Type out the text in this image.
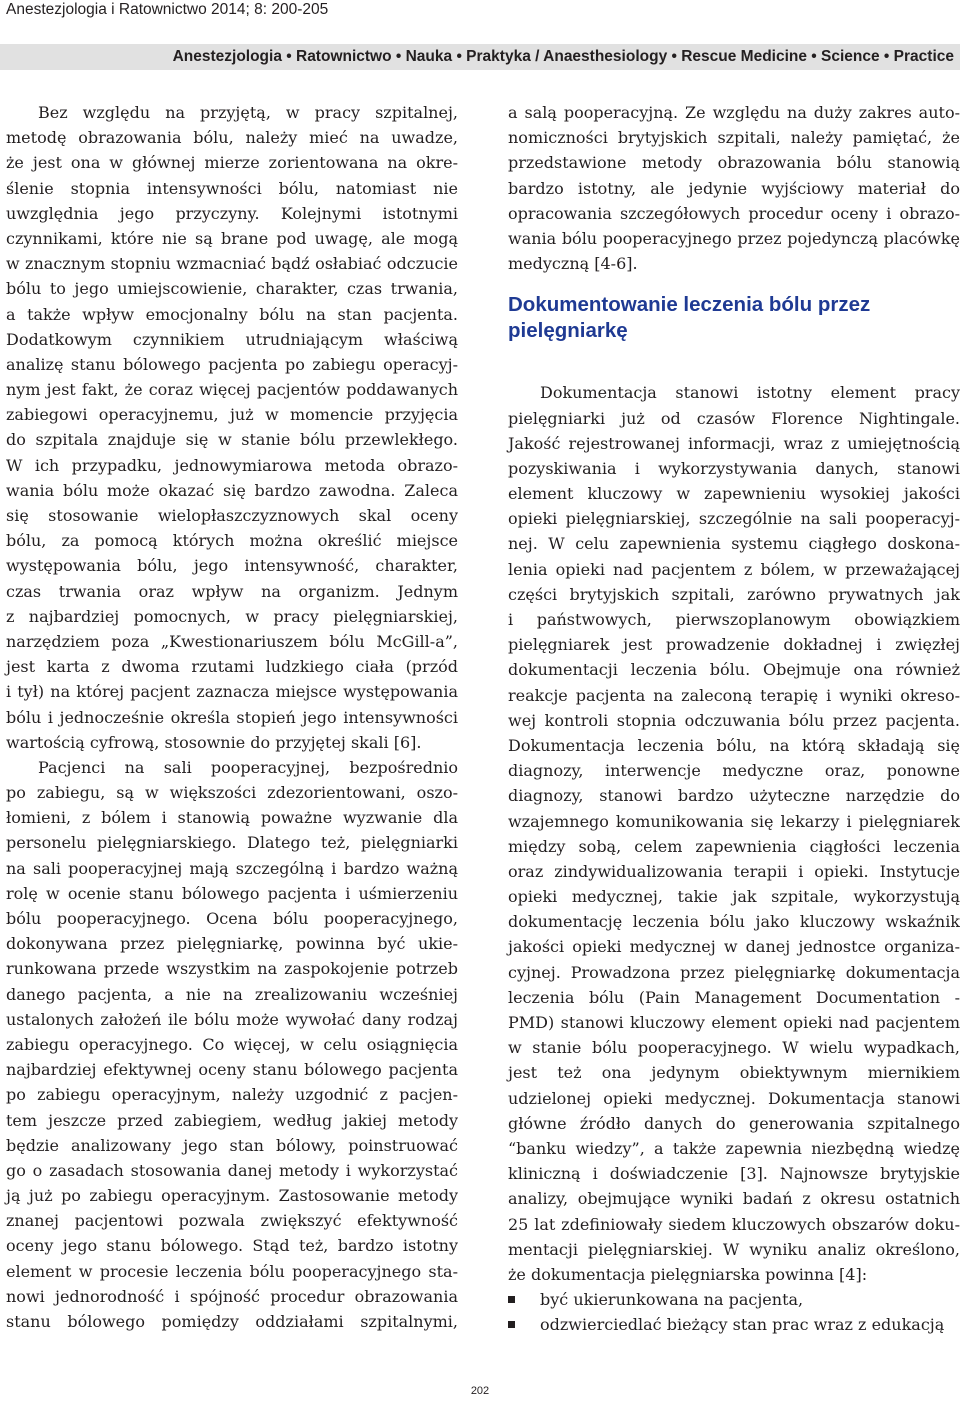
Anestezjologia i Ratownictwo 2014; 8: 200-205
Anestezjologia • Ratownictwo • Nauka • Praktyka / Anaesthesiology • Rescue Medicine • Science • Practice
Bez względu na przyjętą, w pracy szpitalnej,
metodę obrazowania bólu, należy mieć na uwadze,
że jest ona w głównej mierze zorientowana na okre-
ślenie stopnia intensywności bólu, natomiast nie
uwzględnia jego przyczyny. Kolejnymi istotnymi
czynnikami, które nie są brane pod uwagę, ale mogą
w znacznym stopniu wzmacniać bądź osłabiać odczucie
bólu to jego umiejscowienie, charakter, czas trwania,
a także wpływ emocjonalny bólu na stan pacjenta.
Dodatkowym czynnikiem utrudniającym właściwą
analizę stanu bólowego pacjenta po zabiegu operacyj-
nym jest fakt, że coraz więcej pacjentów poddawanych
zabiegowi operacyjnemu, już w momencie przyjęcia
do szpitala znajduje się w stanie bólu przewlekłego.
W ich przypadku, jednowymiarowa metoda obrazo-
wania bólu może okazać się bardzo zawodna. Zaleca
się stosowanie wielopłaszczyznowych skal oceny
bólu, za pomocą których można określić miejsce
występowania bólu, jego intensywność, charakter,
czas trwania oraz wpływ na organizm. Jednym
z najbardziej pomocnych, w pracy pielęgniarskiej,
narzędziem poza „Kwestionariuszem bólu McGill-a”,
jest karta z dwoma rzutami ludzkiego ciała (przód
i tył) na której pacjent zaznacza miejsce występowania
bólu i jednocześnie określa stopień jego intensywności
wartością cyfrową, stosownie do przyjętej skali [6].
Pacjenci na sali pooperacyjnej, bezpośrednio
po zabiegu, są w większości zdezorientowani, oszo-
łomieni, z bólem i stanowią poważne wyzwanie dla
personelu pielęgniarskiego. Dlatego też, pielęgniarki
na sali pooperacyjnej mają szczególną i bardzo ważną
rolę w ocenie stanu bólowego pacjenta i uśmierzeniu
bólu pooperacyjnego. Ocena bólu pooperacyjnego,
dokonywana przez pielęgniarkę, powinna być ukie-
runkowana przede wszystkim na zaspokojenie potrzeb
danego pacjenta, a nie na zrealizowaniu wcześniej
ustalonych założeń ile bólu może wywołać dany rodzaj
zabiegu operacyjnego. Co więcej, w celu osiągnięcia
najbardziej efektywnej oceny stanu bólowego pacjenta
po zabiegu operacyjnym, należy uzgodnić z pacjen-
tem jeszcze przed zabiegiem, według jakiej metody
będzie analizowany jego stan bólowy, poinstruować
go o zasadach stosowania danej metody i wykorzystać
ją już po zabiegu operacyjnym. Zastosowanie metody
znanej pacjentowi pozwala zwiększyć efektywność
oceny jego stanu bólowego. Stąd też, bardzo istotny
element w procesie leczenia bólu pooperacyjnego sta-
nowi jednorodność i spójność procedur obrazowania
stanu bólowego pomiędzy oddziałami szpitalnymi,
a salą pooperacyjną. Ze względu na duży zakres auto-
nomiczności brytyjskich szpitali, należy pamiętać, że
przedstawione metody obrazowania bólu stanowią
bardzo istotny, ale jedynie wyjściowy materiał do
opracowania szczegółowych procedur oceny i obrazo-
wania bólu pooperacyjnego przez pojedynczą placówkę
medyczną [4-6].
Dokumentowanie leczenia bólu przez
pielęgniarkę
Dokumentacja stanowi istotny element pracy
pielęgniarki już od czasów Florence Nightingale.
Jakość rejestrowanej informacji, wraz z umiejętnością
pozyskiwania i wykorzystywania danych, stanowi
element kluczowy w zapewnieniu wysokiej jakości
opieki pielęgniarskiej, szczególnie na sali pooperacyj-
nej. W celu zapewnienia systemu ciągłego doskona-
lenia opieki nad pacjentem z bólem, w przeważającej
części brytyjskich szpitali, zarówno prywatnych jak
i państwowych, pierwszoplanowym obowiązkiem
pielęgniarek jest prowadzenie dokładnej i zwięzłej
dokumentacji leczenia bólu. Obejmuje ona również
reakcje pacjenta na zaleconą terapię i wyniki okreso-
wej kontroli stopnia odczuwania bólu przez pacjenta.
Dokumentacja leczenia bólu, na którą składają się
diagnozy, interwencje medyczne oraz, ponowne
diagnozy, stanowi bardzo użyteczne narzędzie do
wzajemnego komunikowania się lekarzy i pielęgniarek
między sobą, celem zapewnienia ciągłości leczenia
oraz zindywidualizowania terapii i opieki. Instytucje
opieki medycznej, takie jak szpitale, wykorzystują
dokumentację leczenia bólu jako kluczowy wskaźnik
jakości opieki medycznej w danej jednostce organiza-
cyjnej. Prowadzona przez pielęgniarkę dokumentacja
leczenia bólu (Pain Management Documentation -
PMD) stanowi kluczowy element opieki nad pacjentem
w stanie bólu pooperacyjnego. W wielu wypadkach,
jest też ona jedynym obiektywnym miernikiem
udzielonej opieki medycznej. Dokumentacja stanowi
główne źródło danych do generowania szpitalnego
“banku wiedzy”, a także zapewnia niezbędną wiedzę
kliniczną i doświadczenie [3]. Najnowsze brytyjskie
analizy, obejmujące wyniki badań z okresu ostatnich
25 lat zdefiniowały siedem kluczowych obszarów doku-
mentacji pielęgniarskiej. W wyniku analiz określono,
że dokumentacja pielęgniarska powinna [4]:
być ukierunkowana na pacjenta,
odzwierciedlać bieżący stan prac wraz z edukacją
202
